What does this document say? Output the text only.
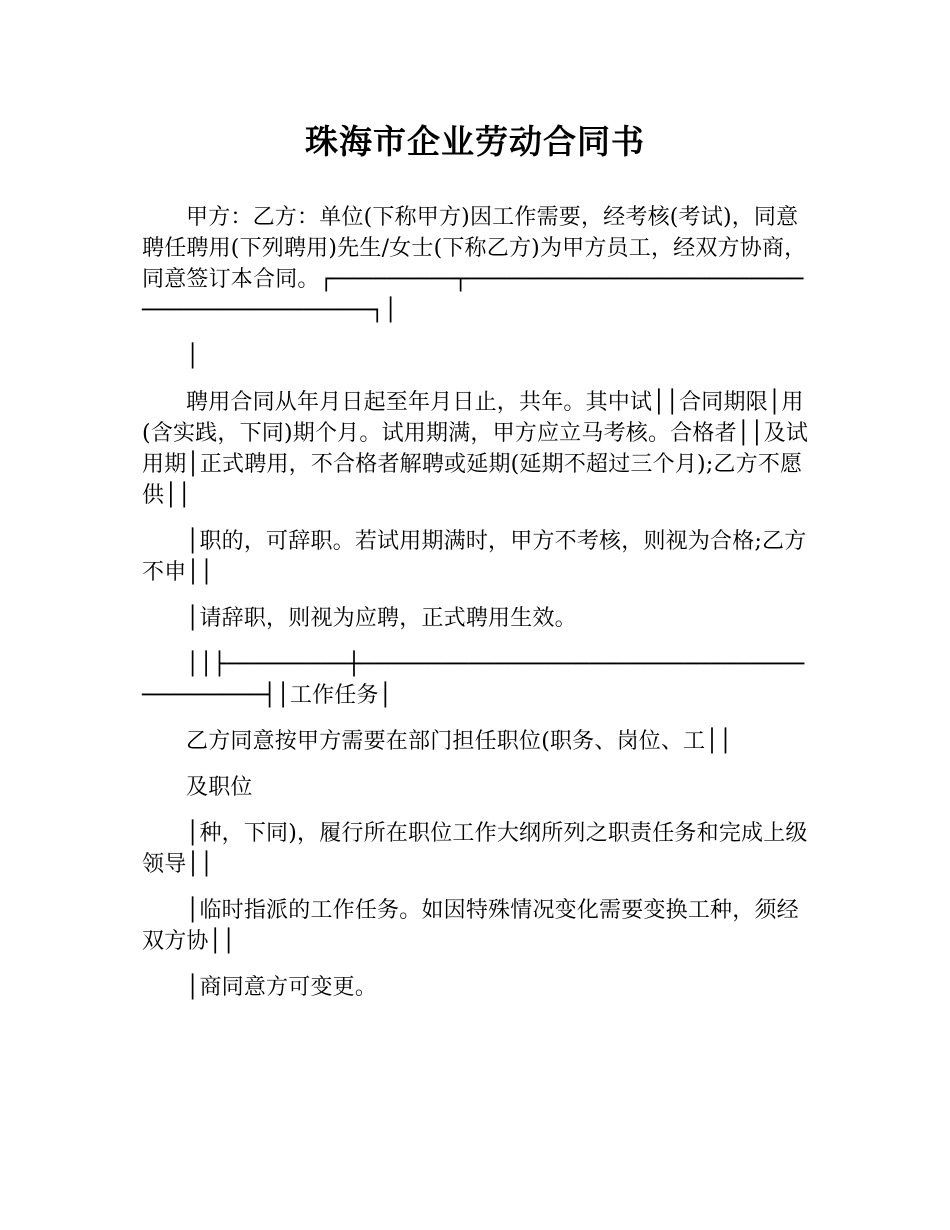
珠海市企业劳动合同书

甲方：乙方：单位(下称甲方)因工作需要，经考核(考试)，同意聘任聘用(下列聘用)先生/女士(下称乙方)为甲方员工，经双方协商，同意签订本合同。┌─────────┬──────────────────────────────────────────┐│

│

聘用合同从年月日起至年月日止，共年。其中试││合同期限│用(含实践，下同)期个月。试用期满，甲方应立马考核。合格者││及试用期│正式聘用，不合格者解聘或延期(延期不超过三个月);乙方不愿供││

│职的，可辞职。若试用期满时，甲方不考核，则视为合格;乙方不申││

│请辞职，则视为应聘，正式聘用生效。

││├─────────┼──────────────────────────────────────────┤│工作任务│

乙方同意按甲方需要在部门担任职位(职务、岗位、工││

及职位

│种，下同)，履行所在职位工作大纲所列之职责任务和完成上级领导││

│临时指派的工作任务。如因特殊情况变化需要变换工种，须经双方协││

│商同意方可变更。
